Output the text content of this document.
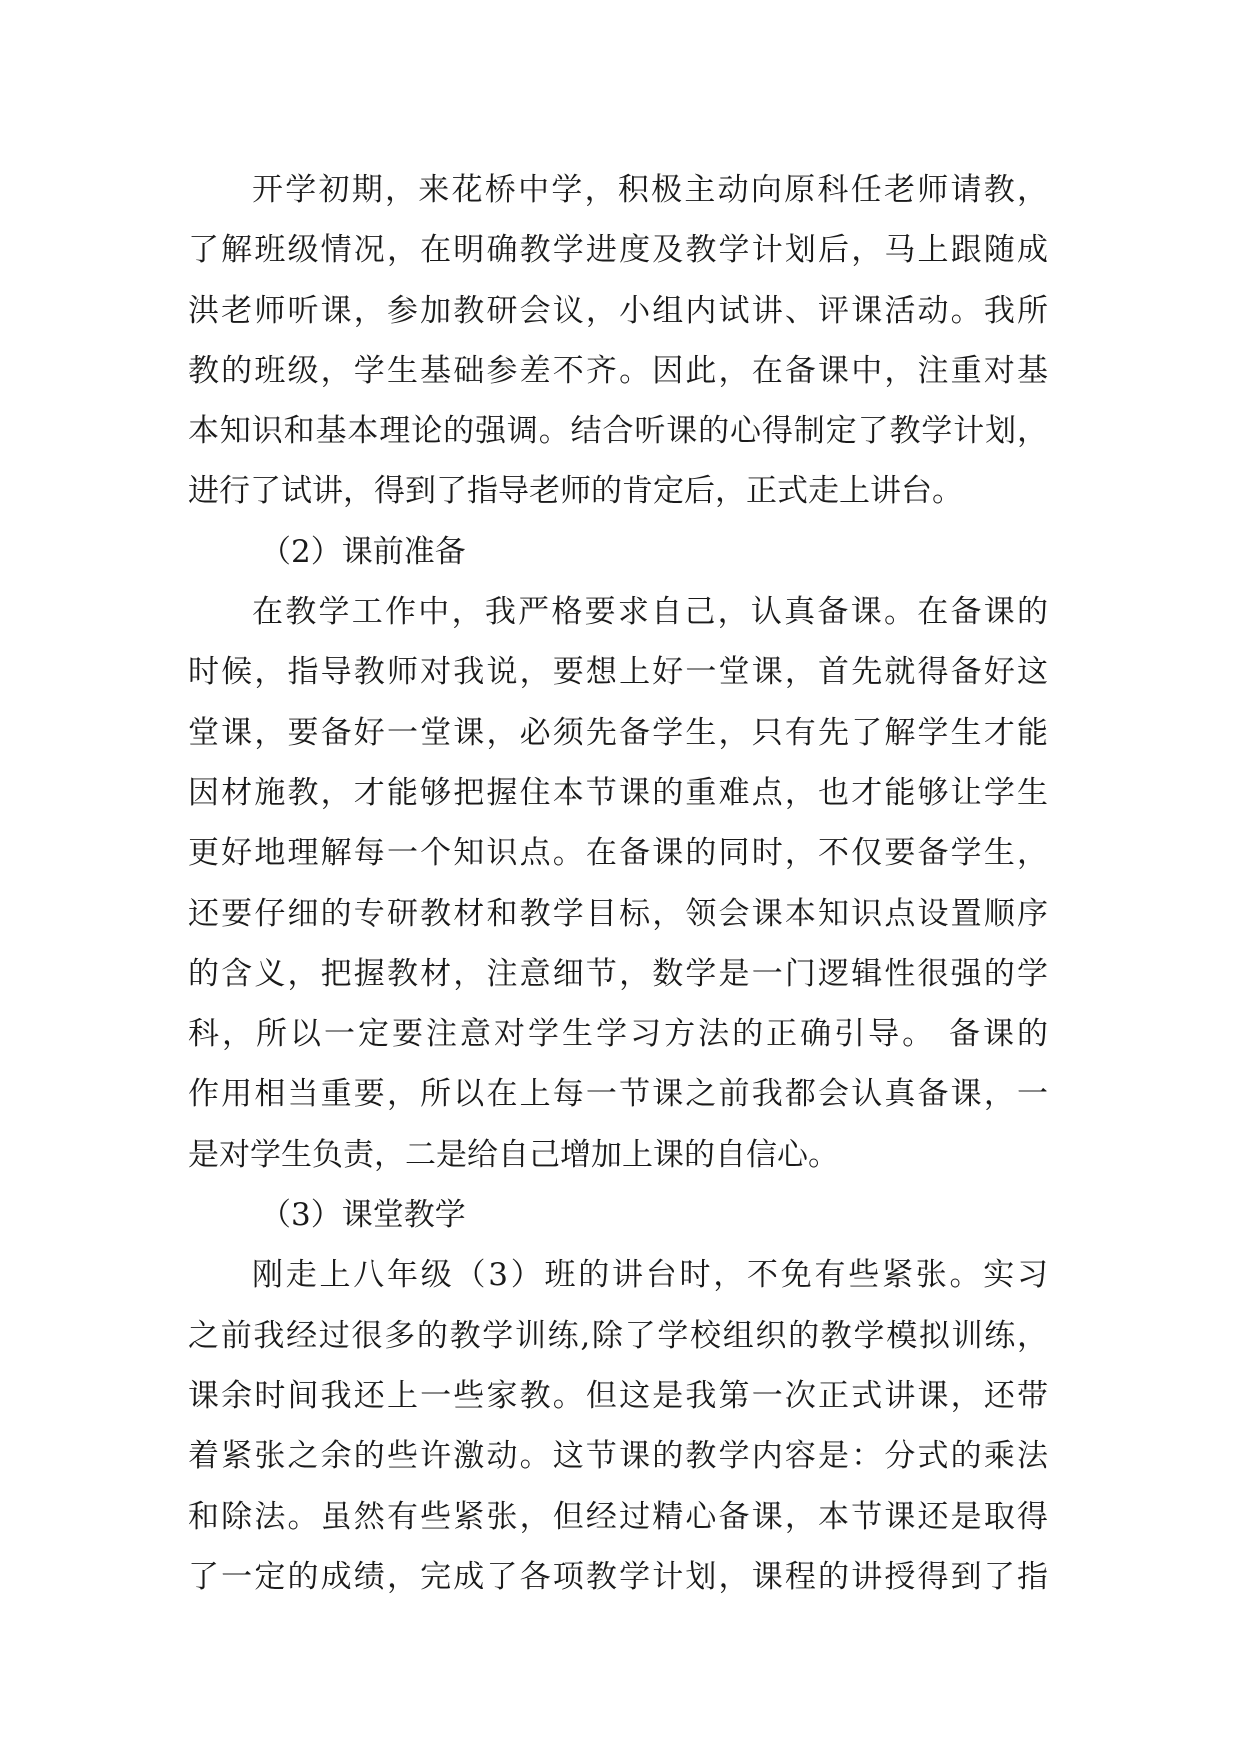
开学初期，来花桥中学，积极主动向原科任老师请教，
了解班级情况，在明确教学进度及教学计划后，马上跟随成
洪老师听课，参加教研会议，小组内试讲、评课活动。我所
教的班级，学生基础参差不齐。因此，在备课中，注重对基
本知识和基本理论的强调。结合听课的心得制定了教学计划，
进行了试讲，得到了指导老师的肯定后，正式走上讲台。
（2）课前准备
在教学工作中，我严格要求自己，认真备课。在备课的
时候，指导教师对我说，要想上好一堂课，首先就得备好这
堂课，要备好一堂课，必须先备学生，只有先了解学生才能
因材施教，才能够把握住本节课的重难点，也才能够让学生
更好地理解每一个知识点。在备课的同时，不仅要备学生，
还要仔细的专研教材和教学目标，领会课本知识点设置顺序
的含义，把握教材，注意细节，数学是一门逻辑性很强的学
科，所以一定要注意对学生学习方法的正确引导。 备课的
作用相当重要，所以在上每一节课之前我都会认真备课，一
是对学生负责，二是给自己增加上课的自信心。
（3）课堂教学
刚走上八年级（3）班的讲台时，不免有些紧张。实习
之前我经过很多的教学训练,除了学校组织的教学模拟训练，
课余时间我还上一些家教。但这是我第一次正式讲课，还带
着紧张之余的些许激动。这节课的教学内容是：分式的乘法
和除法。虽然有些紧张，但经过精心备课，本节课还是取得
了一定的成绩，完成了各项教学计划，课程的讲授得到了指
